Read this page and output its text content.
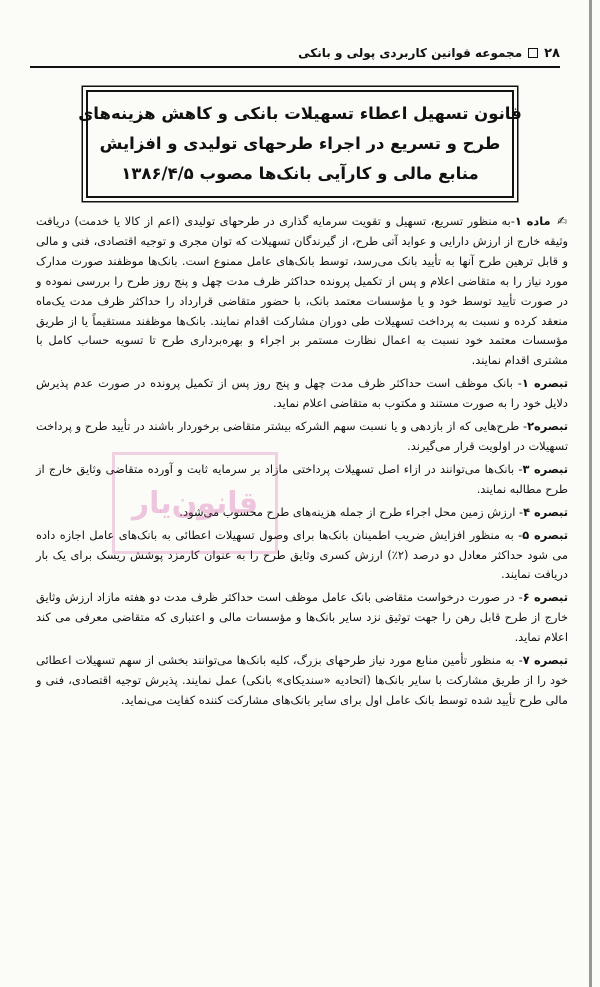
۲۸
مجموعه قوانین کاربردی پولی و بانکی
قانون تسهیل اعطاء تسهیلات بانکی و کاهش هزینه‌های
طرح و تسریع در اجراء طرحهای تولیدی و افزایش
منابع مالی و کارآیی بانک‌ها مصوب ۱۳۸۶/۴/۵

✍ ماده ۱-به منظور تسریع، تسهیل و تقویت سرمایه گذاری در طرحهای تولیدی (اعم از کالا یا خدمت) دریافت وثیقه خارج از ارزش دارایی و عواید آتی طرح، از گیرندگان تسهیلات که توان مجری و توجیه اقتصادی، فنی و مالی و قابل ترهین طرح آنها به تأیید بانک می‌رسد، توسط بانک‌های عامل ممنوع است. بانک‌ها موظفند صورت مدارک مورد نیاز را به متقاضی اعلام و پس از تکمیل پرونده حداکثر ظرف مدت چهل و پنج روز طرح را بررسی نموده و در صورت تأیید توسط خود و یا مؤسسات معتمد بانک، با حضور متقاضی قرارداد را حداکثر ظرف مدت یک‌ماه منعقد کرده و نسبت به پرداخت تسهیلات طی دوران مشارکت اقدام نمایند. بانک‌ها موظفند مستقیماً یا از طریق مؤسسات معتمد خود نسبت به اعمال نظارت مستمر بر اجراء و بهره‌برداری طرح تا تسویه حساب کامل با مشتری اقدام نمایند.

تبصره ۱- بانک موظف است حداکثر ظرف مدت چهل و پنج روز پس از تکمیل پرونده در صورت عدم پذیرش دلایل خود را به صورت مستند و مکتوب به متقاضی اعلام نماید.

تبصره۲- طرح‌هایی که از بازدهی و یا نسبت سهم الشرکه بیشتر متقاضی برخوردار باشند در تأیید طرح و پرداخت تسهیلات در اولویت قرار می‌گیرند.

تبصره ۳- بانک‌ها می‌توانند در ازاء اصل تسهیلات پرداختی مازاد بر سرمایه ثابت و آورده متقاضی وثایق خارج از طرح مطالبه نمایند.

تبصره ۴- ارزش زمین محل اجراء طرح از جمله هزینه‌های طرح محسوب می‌شود.

تبصره ۵- به منظور افزایش ضریب اطمینان بانک‌ها برای وصول تسهیلات اعطائی به بانک‌های عامل اجازه داده می شود حداکثر معادل دو درصد (۲٪) ارزش کسری وثایق طرح را به عنوان کارمزد پوشش ریسک برای یک بار دریافت نمایند.

تبصره ۶- در صورت درخواست متقاضی بانک عامل موظف است حداکثر ظرف مدت دو هفته مازاد ارزش وثایق خارج از طرح قابل رهن را جهت توثیق نزد سایر بانک‌ها و مؤسسات مالی و اعتباری که متقاضی معرفی می کند اعلام نماید.

تبصره ۷- به منظور تأمین منابع مورد نیاز طرحهای بزرگ، کلیه بانک‌ها می‌توانند بخشی از سهم تسهیلات اعطائی خود را از طریق مشارکت با سایر بانک‌ها (اتحادیه «سندیکای» بانکی) عمل نمایند. پذیرش توجیه اقتصادی، فنی و مالی طرح تأیید شده توسط بانک عامل اول برای سایر بانک‌های مشارکت کننده کفایت می‌نماید.

قانون‌یار
